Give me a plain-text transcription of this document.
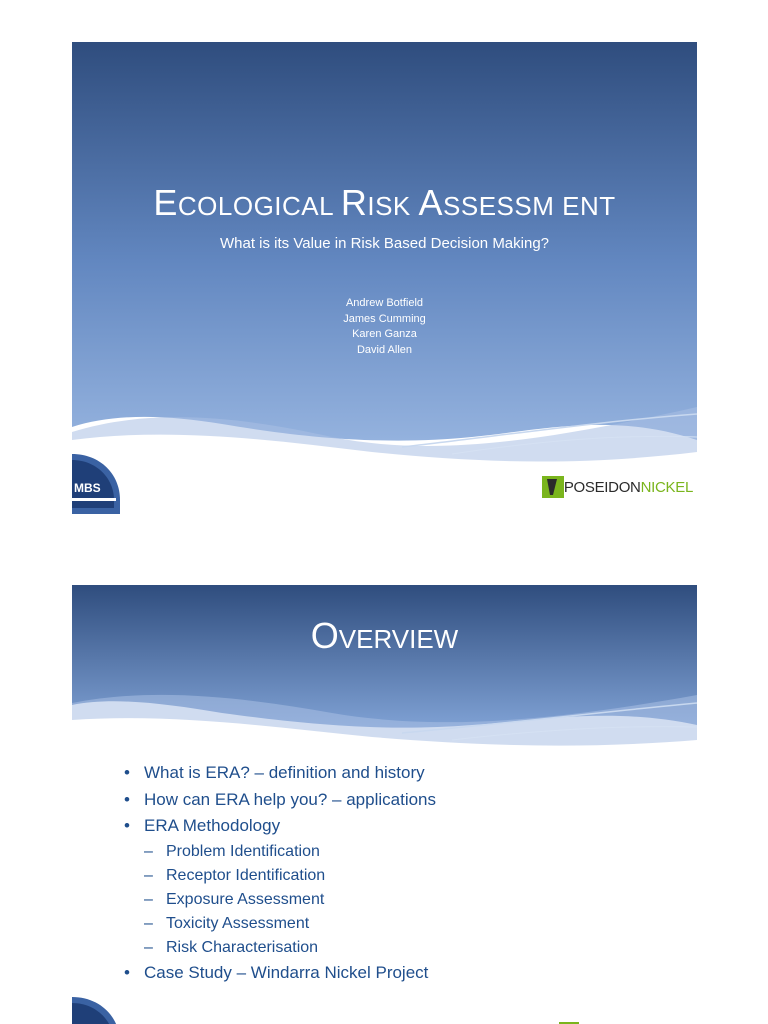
ECOLOGICAL RISK ASSESSM ENT

What is its Value in Risk Based Decision Making?

Andrew Botfield
James Cumming
Karen Ganza
David Allen
MBS	POSEIDONNICKEL
OVERVIEW
• What is ERA? – definition and history
• How can ERA help you? – applications
• ERA Methodology
– Problem Identification
– Receptor Identification
– Exposure Assessment
– Toxicity Assessment
– Risk Characterisation
• Case Study – Windarra Nickel Project
